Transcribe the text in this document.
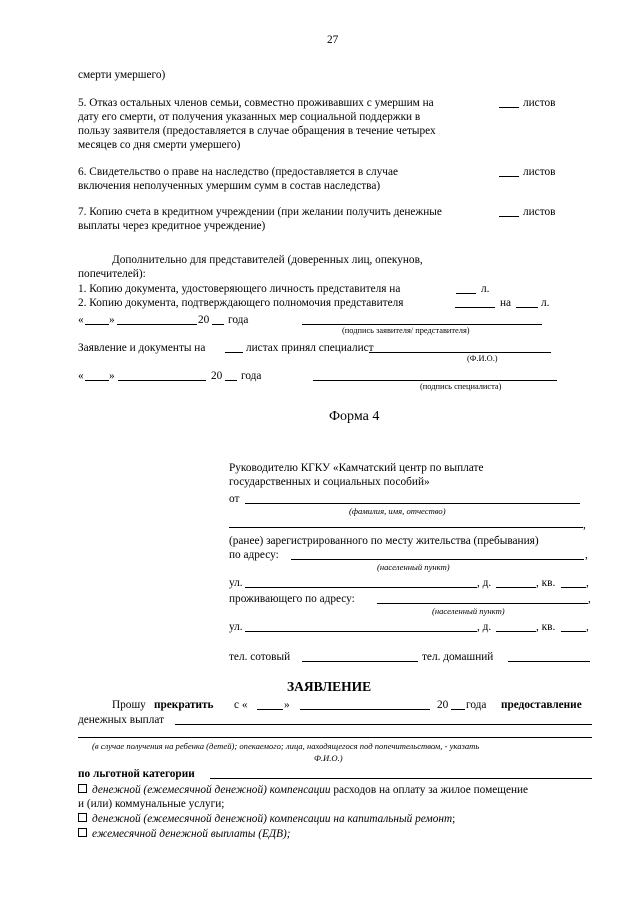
27
смерти умершего)
5. Отказ остальных членов семьи, совместно проживавших с умершим на	листов
дату его смерти, от получения указанных мер социальной поддержки в
пользу заявителя (предоставляется в случае обращения в течение четырех
месяцев со дня смерти умершего)
6. Свидетельство о праве на наследство (предоставляется в случае	листов
включения неполученных умершим сумм в состав наследства)
7. Копию счета в кредитном учреждении (при желании получить денежные	листов
выплаты через кредитное учреждение)
Дополнительно для представителей (доверенных лиц, опекунов,
попечителей):
1. Копию документа, удостоверяющего личность представителя на	л.
2. Копию документа, подтверждающего полномочия представителя	на	л.
« »	20 года
(подпись заявителя/ представителя)
Заявление и документы на	листах принял специалист
(Ф.И.О.)
« »	20 года
(подпись специалиста)
Форма 4
Руководителю КГКУ «Камчатский центр по выплате
государственных и социальных пособий»
от
(фамилия, имя, отчество)
,
(ранее) зарегистрированного по месту жительства (пребывания)
по адресу:	,
(населенный пункт)
ул.	, д.	, кв.	,
проживающего по адресу:	,
(населенный пункт)
ул.	, д.	, кв.	,
тел. сотовый	тел. домашний
ЗАЯВЛЕНИЕ
Прошу прекратить с «	»	20 года предоставление
денежных выплат
(в случае получения на ребенка (детей); опекаемого; лица, находящегося под попечительством, - указать
Ф.И.О.)
по льготной категории
денежной (ежемесячной денежной) компенсации расходов на оплату за жилое помещение
и (или) коммунальные услуги;
денежной (ежемесячной денежной) компенсации на капитальный ремонт;
ежемесячной денежной выплаты (ЕДВ);
